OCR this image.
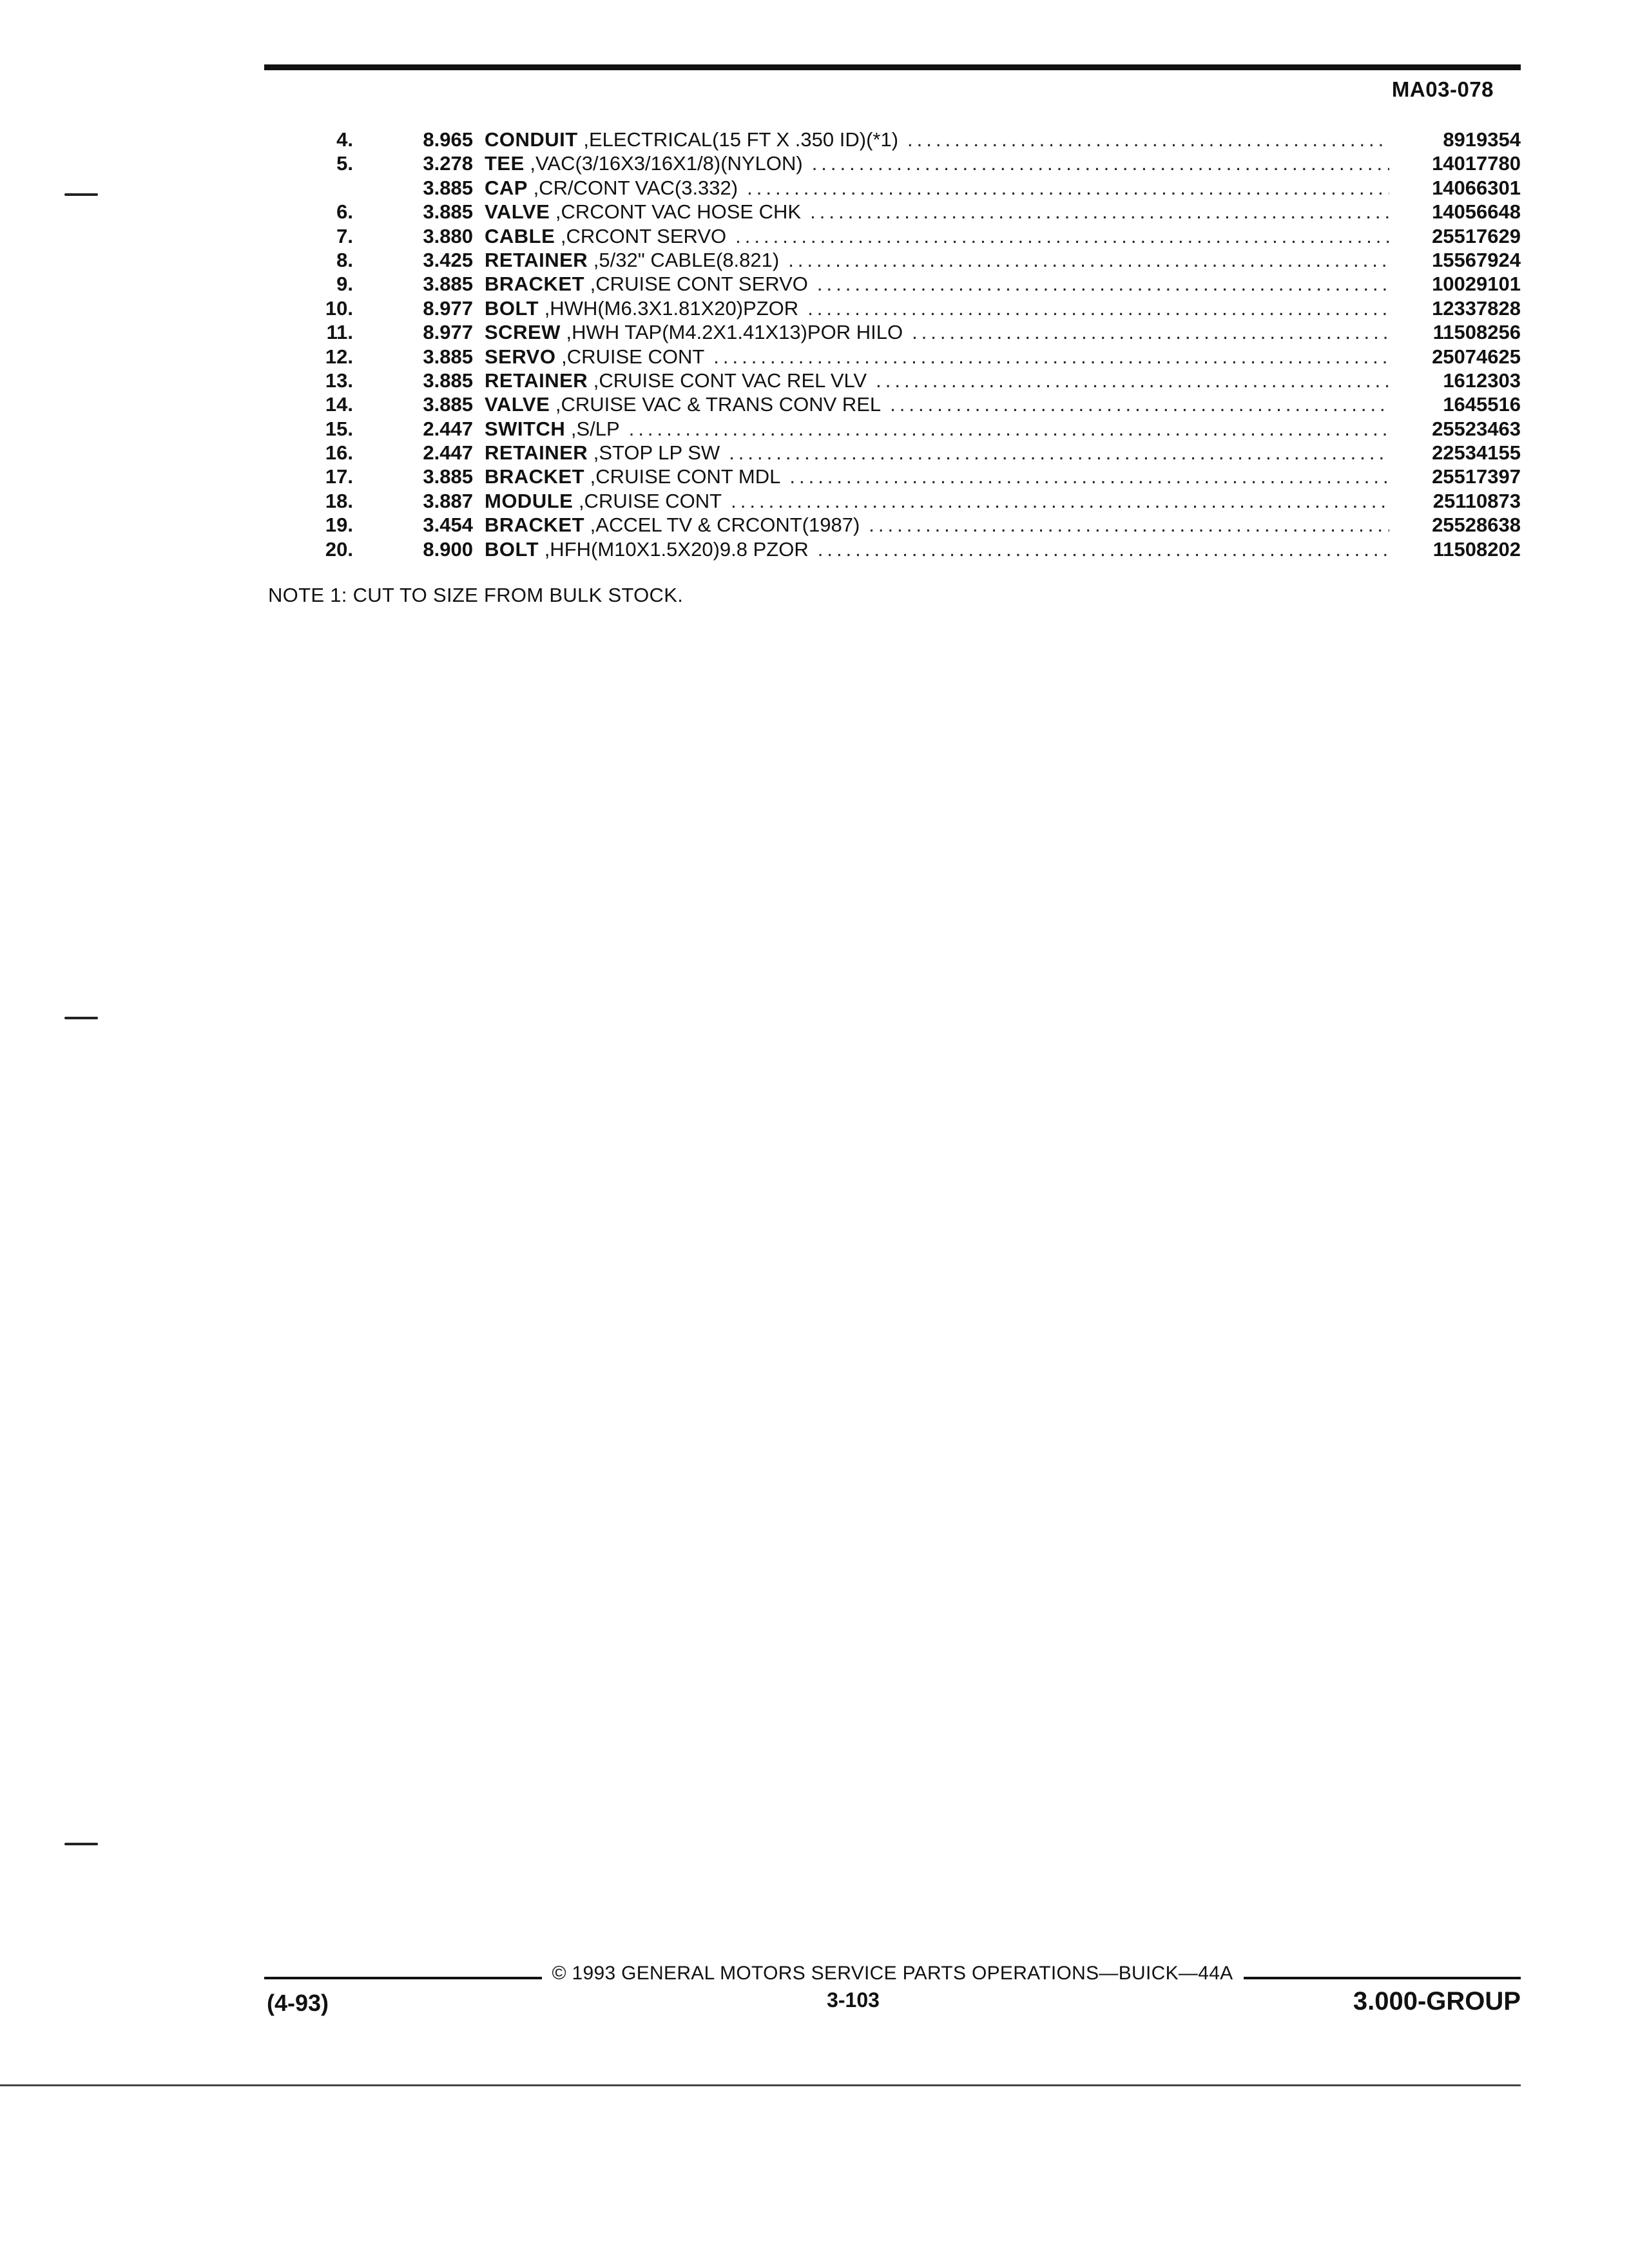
MA03-078
4.	8.965 CONDUIT ,ELECTRICAL(15 FT X .350 ID)(*1) .....	8919354
5.	3.278 TEE ,VAC(3/16X3/16X1/8)(NYLON) .....	14017780
3.885 CAP ,CR/CONT VAC(3.332) .....	14066301
6.	3.885 VALVE ,CRCONT VAC HOSE CHK .....	14056648
7.	3.880 CABLE ,CRCONT SERVO .....	25517629
8.	3.425 RETAINER ,5/32" CABLE(8.821) .....	15567924
9.	3.885 BRACKET ,CRUISE CONT SERVO .....	10029101
10.	8.977 BOLT ,HWH(M6.3X1.81X20)PZOR .....	12337828
11.	8.977 SCREW ,HWH TAP(M4.2X1.41X13)POR HILO .....	11508256
12.	3.885 SERVO ,CRUISE CONT .....	25074625
13.	3.885 RETAINER ,CRUISE CONT VAC REL VLV .....	1612303
14.	3.885 VALVE ,CRUISE VAC & TRANS CONV REL .....	1645516
15.	2.447 SWITCH ,S/LP .....	25523463
16.	2.447 RETAINER ,STOP LP SW .....	22534155
17.	3.885 BRACKET ,CRUISE CONT MDL .....	25517397
18.	3.887 MODULE ,CRUISE CONT .....	25110873
19.	3.454 BRACKET ,ACCEL TV & CRCONT(1987) .....	25528638
20.	8.900 BOLT ,HFH(M10X1.5X20)9.8 PZOR .....	11508202
NOTE 1: CUT TO SIZE FROM BULK STOCK.
© 1993 GENERAL MOTORS SERVICE PARTS OPERATIONS—BUICK—44A
(4-93)	3-103	3.000-GROUP
